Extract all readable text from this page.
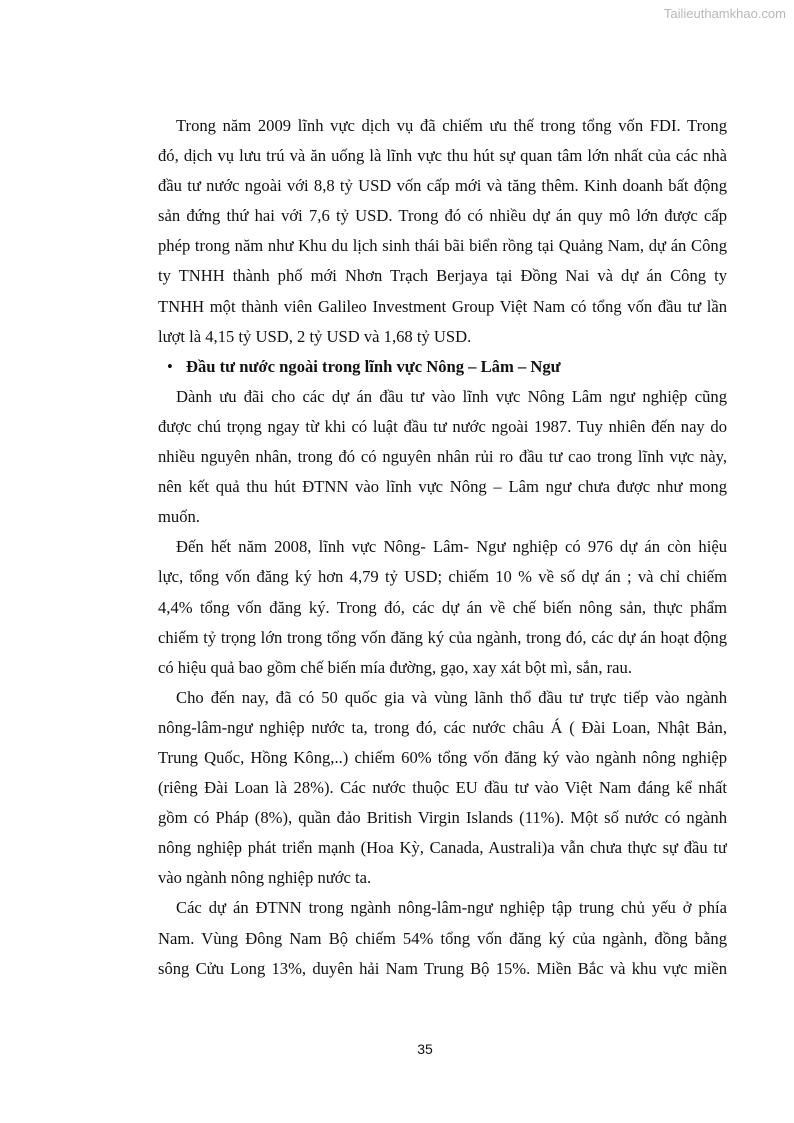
Tailieuthamkhao.com
Trong năm 2009 lĩnh vực dịch vụ đã chiếm ưu thế trong tổng vốn FDI. Trong
đó, dịch vụ lưu trú và ăn uống là lĩnh vực thu hút sự quan tâm lớn nhất của các nhà
đầu tư nước ngoài với 8,8 tỷ USD vốn cấp mới và tăng thêm. Kinh doanh bất động
sản đứng thứ hai với 7,6 tỷ USD. Trong đó có nhiều dự án quy mô lớn được cấp
phép trong năm như Khu du lịch sinh thái bãi biển rồng tại Quảng Nam, dự án Công
ty TNHH thành phố mới Nhơn Trạch Berjaya tại Đồng Nai và dự án Công ty
TNHH một thành viên Galileo Investment Group Việt Nam có tổng vốn đầu tư lần
lượt là 4,15 tỷ USD, 2 tỷ USD và 1,68 tỷ USD.
• Đầu tư nước ngoài trong lĩnh vực Nông – Lâm – Ngư
Dành ưu đãi cho các dự án đầu tư vào lĩnh vực Nông Lâm ngư nghiệp cũng
được chú trọng ngay từ khi có luật đầu tư nước ngoài 1987. Tuy nhiên đến nay do
nhiều nguyên nhân, trong đó có nguyên nhân rủi ro đầu tư cao trong lĩnh vực này,
nên kết quả thu hút ĐTNN vào lĩnh vực Nông – Lâm ngư chưa được như mong
muốn.
Đến hết năm 2008, lĩnh vực Nông- Lâm- Ngư nghiệp có 976 dự án còn hiệu
lực, tổng vốn đăng ký hơn 4,79 tỷ USD; chiếm 10 % về số dự án ; và chỉ chiếm
4,4% tổng vốn đăng ký. Trong đó, các dự án về chế biến nông sản, thực phẩm
chiếm tỷ trọng lớn trong tổng vốn đăng ký của ngành, trong đó, các dự án hoạt động
có hiệu quả bao gồm chế biến mía đường, gạo, xay xát bột mì, sắn, rau.
Cho đến nay, đã có 50 quốc gia và vùng lãnh thổ đầu tư trực tiếp vào ngành
nông-lâm-ngư nghiệp nước ta, trong đó, các nước châu Á ( Đài Loan, Nhật Bản,
Trung Quốc, Hồng Kông,..) chiếm 60% tổng vốn đăng ký vào ngành nông nghiệp
(riêng Đài Loan là 28%). Các nước thuộc EU đầu tư vào Việt Nam đáng kể nhất
gồm có Pháp (8%), quần đảo British Virgin Islands (11%). Một số nước có ngành
nông nghiệp phát triển mạnh (Hoa Kỳ, Canada, Australi)a vẫn chưa thực sự đầu tư
vào ngành nông nghiệp nước ta.
Các dự án ĐTNN trong ngành nông-lâm-ngư nghiệp tập trung chủ yếu ở phía
Nam. Vùng Đông Nam Bộ chiếm 54% tổng vốn đăng ký của ngành, đồng bằng
sông Cửu Long 13%, duyên hải Nam Trung Bộ 15%. Miền Bắc và khu vực miền
35
